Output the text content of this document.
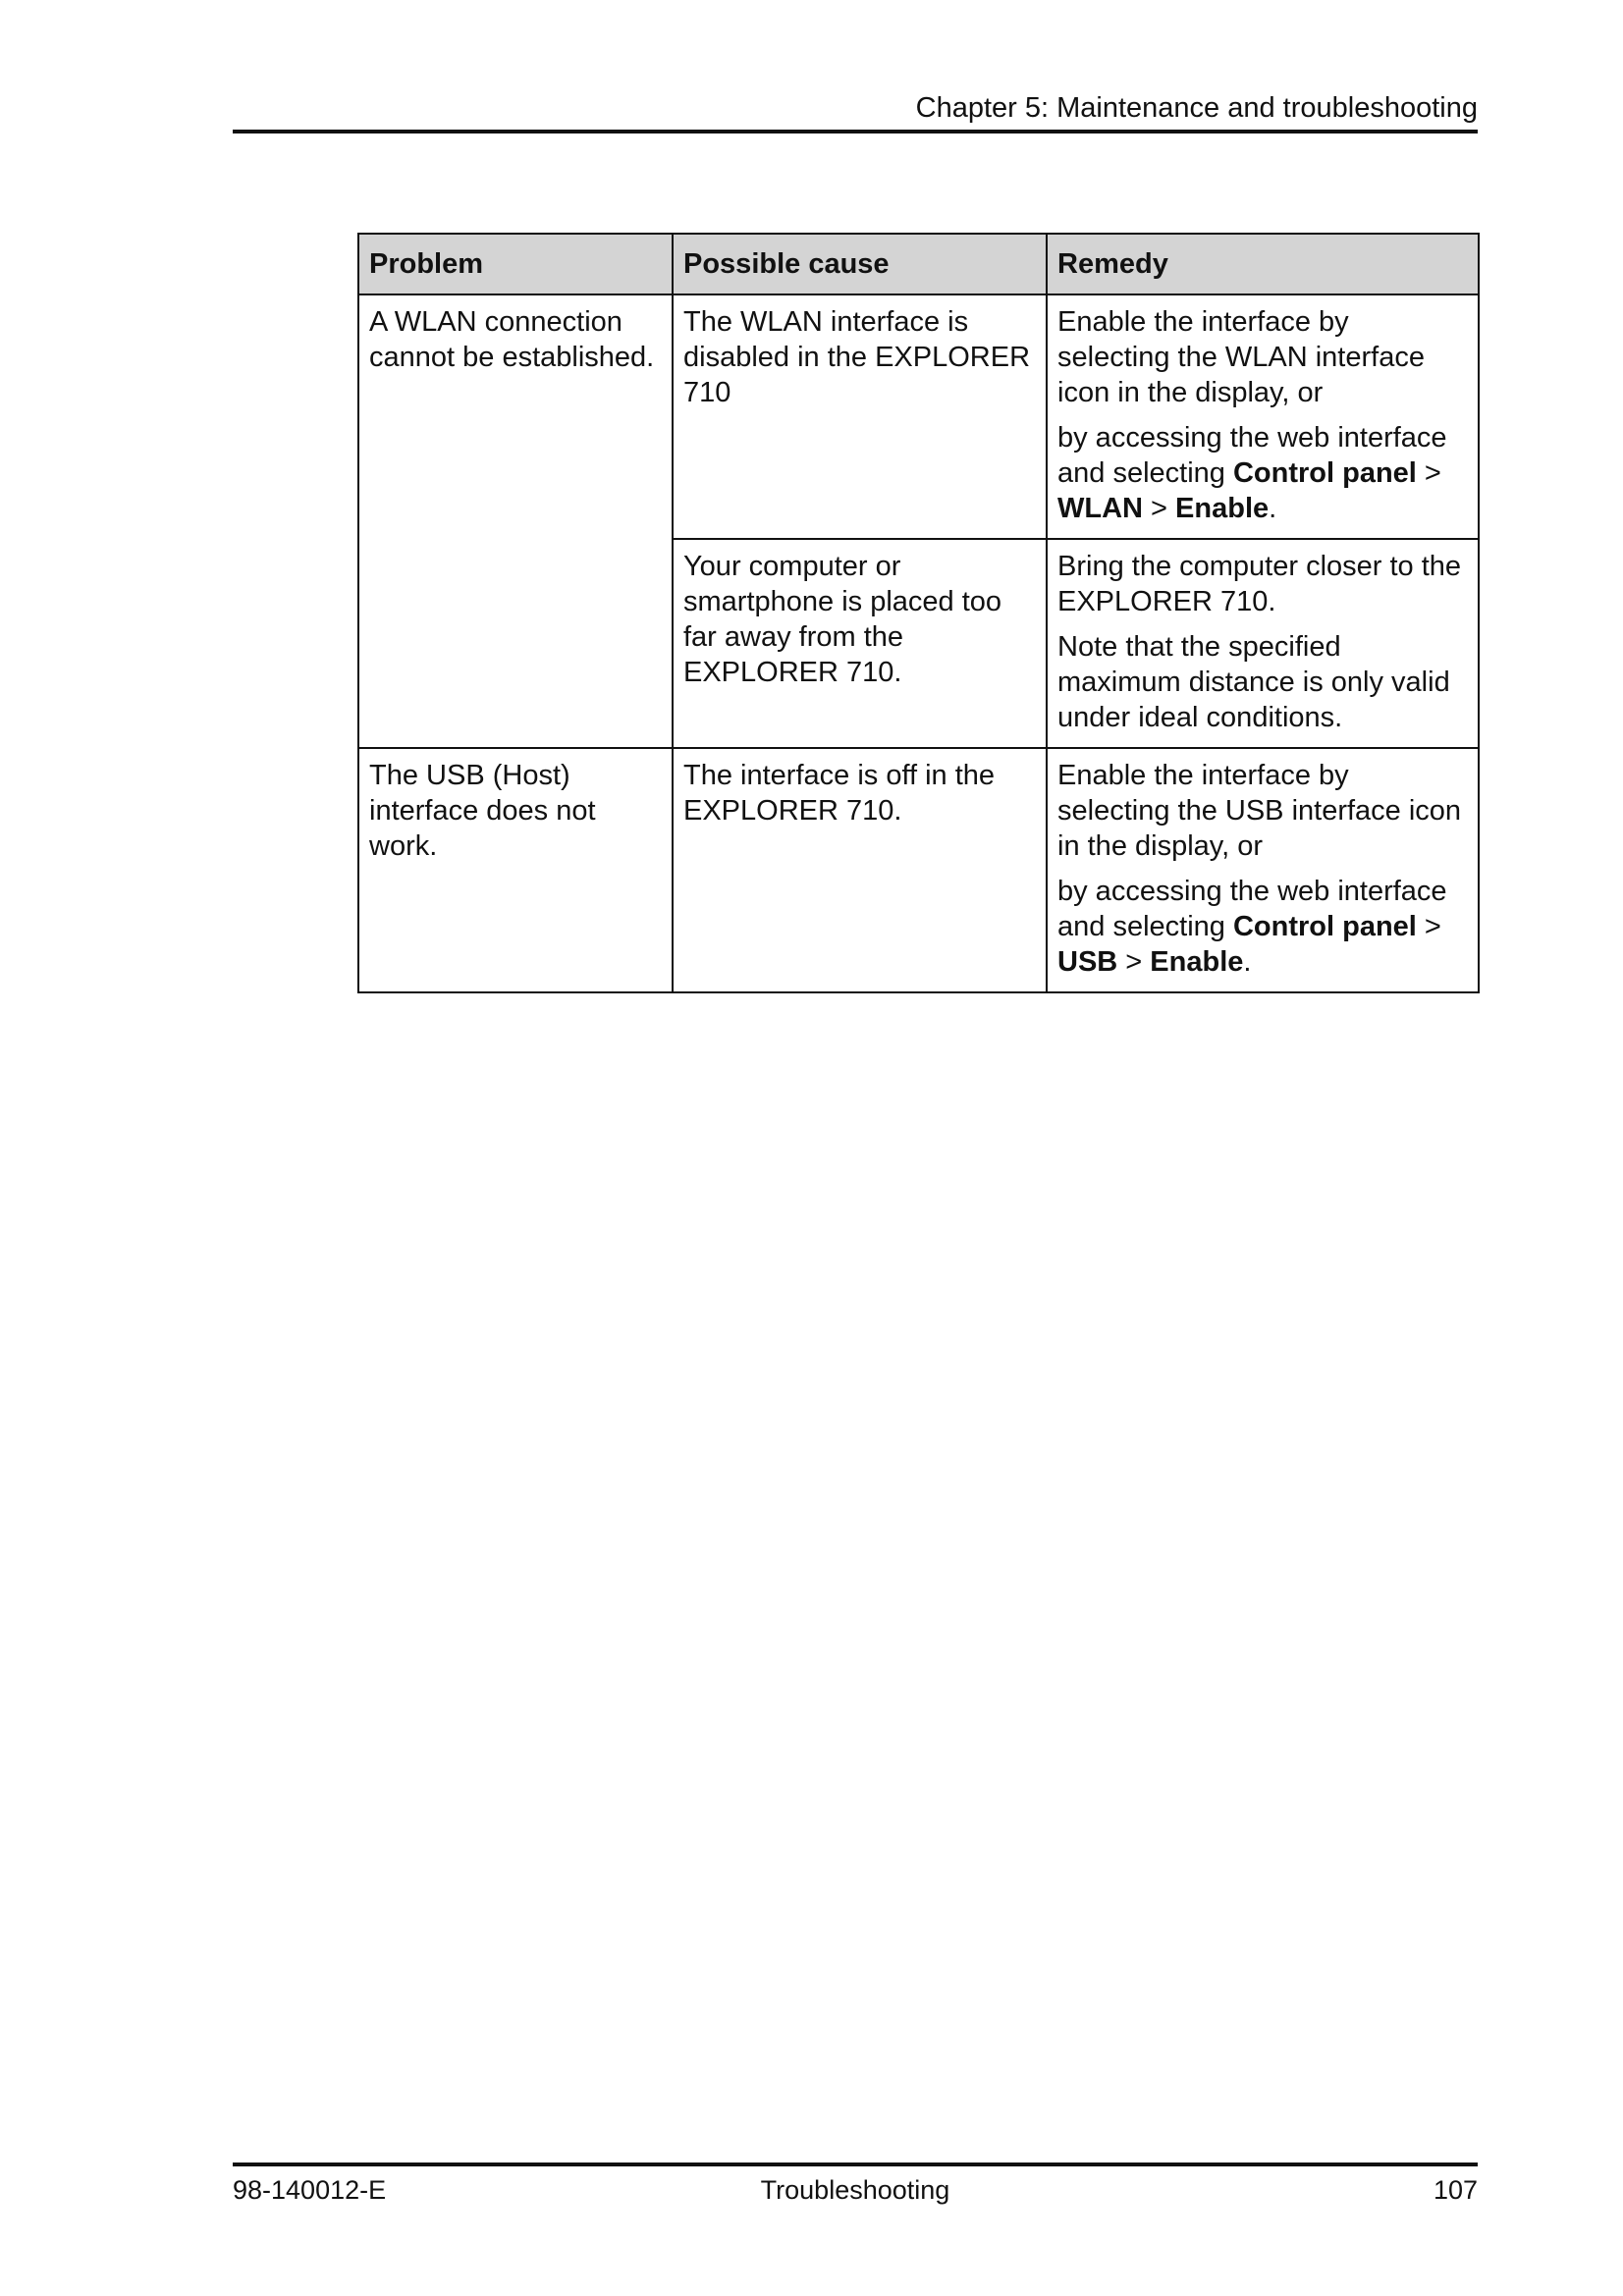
Chapter 5: Maintenance and troubleshooting
Problem	Possible cause	Remedy

A WLAN connection cannot be established.	The WLAN interface is disabled in the EXPLORER 710	Enable the interface by selecting the WLAN interface icon in the display, or

by accessing the web interface and selecting Control panel > WLAN > Enable.

	Your computer or smartphone is placed too far away from the EXPLORER 710.	Bring the computer closer to the EXPLORER 710.

Note that the specified maximum distance is only valid under ideal conditions.

The USB (Host) interface does not work.	The interface is off in the EXPLORER 710.	Enable the interface by selecting the USB interface icon in the display, or

by accessing the web interface and selecting Control panel > USB > Enable.

98-140012-E	Troubleshooting	107
